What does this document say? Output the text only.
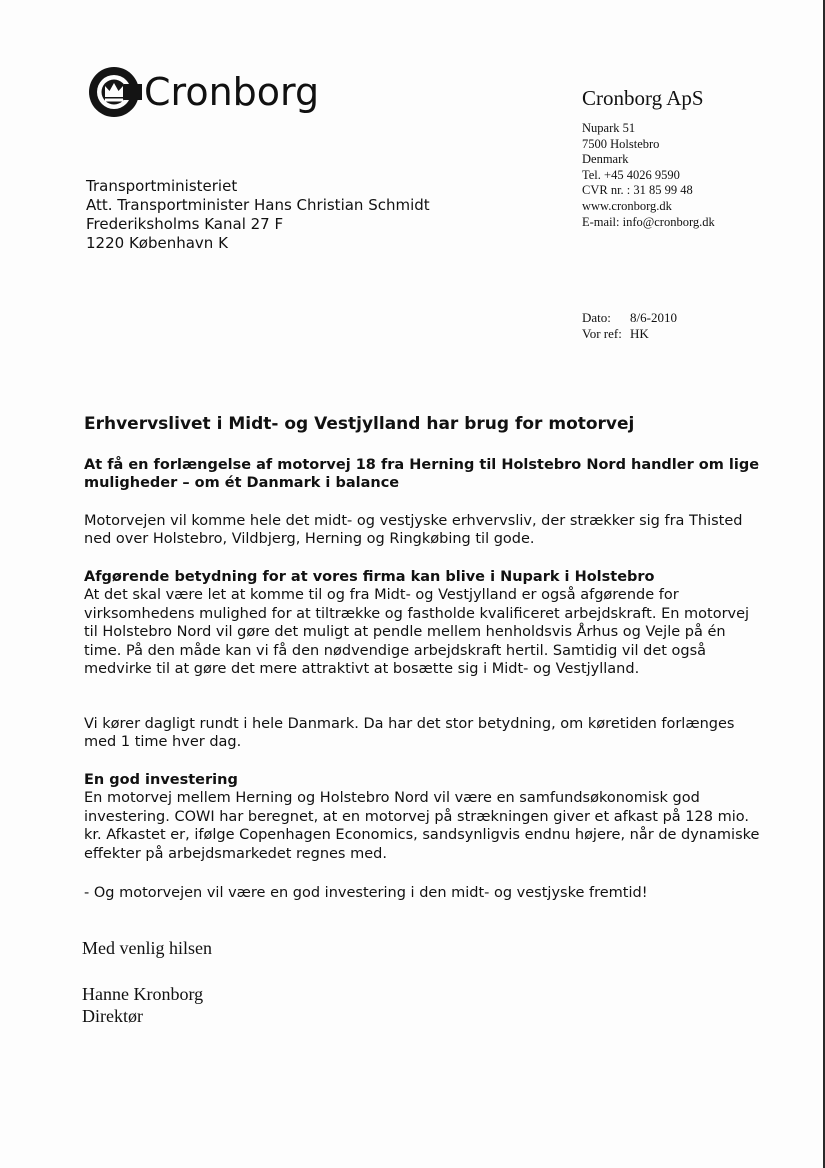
Cronborg	Cronborg ApS
Nupark 51
7500 Holstebro
Denmark
Tel. +45 4026 9590
CVR nr. : 31 85 99 48
www.cronborg.dk
E-mail: info@cronborg.dk
Transportministeriet
Att. Transportminister Hans Christian Schmidt
Frederiksholms Kanal 27 F
1220 København K
Dato:	8/6-2010
Vor ref: HK
Erhvervslivet i Midt- og Vestjylland har brug for motorvej
At få en forlængelse af motorvej 18 fra Herning til Holstebro Nord handler om lige muligheder – om ét Danmark i balance
Motorvejen vil komme hele det midt- og vestjyske erhvervsliv, der strækker sig fra Thisted ned over Holstebro, Vildbjerg, Herning og Ringkøbing til gode.
Afgørende betydning for at vores firma kan blive i Nupark i Holstebro
At det skal være let at komme til og fra Midt- og Vestjylland er også afgørende for virksomhedens mulighed for at tiltrække og fastholde kvalificeret arbejdskraft. En motorvej til Holstebro Nord vil gøre det muligt at pendle mellem henholdsvis Århus og Vejle på én time. På den måde kan vi få den nødvendige arbejdskraft hertil. Samtidig vil det også medvirke til at gøre det mere attraktivt at bosætte sig i Midt- og Vestjylland.
Vi kører dagligt rundt i hele Danmark. Da har det stor betydning, om køretiden forlænges med 1 time hver dag.
En god investering
En motorvej mellem Herning og Holstebro Nord vil være en samfundsøkonomisk god investering. COWI har beregnet, at en motorvej på strækningen giver et afkast på 128 mio. kr. Afkastet er, ifølge Copenhagen Economics, sandsynligvis endnu højere, når de dynamiske effekter på arbejdsmarkedet regnes med.
- Og motorvejen vil være en god investering i den midt- og vestjyske fremtid!
Med venlig hilsen
Hanne Kronborg
Direktør
